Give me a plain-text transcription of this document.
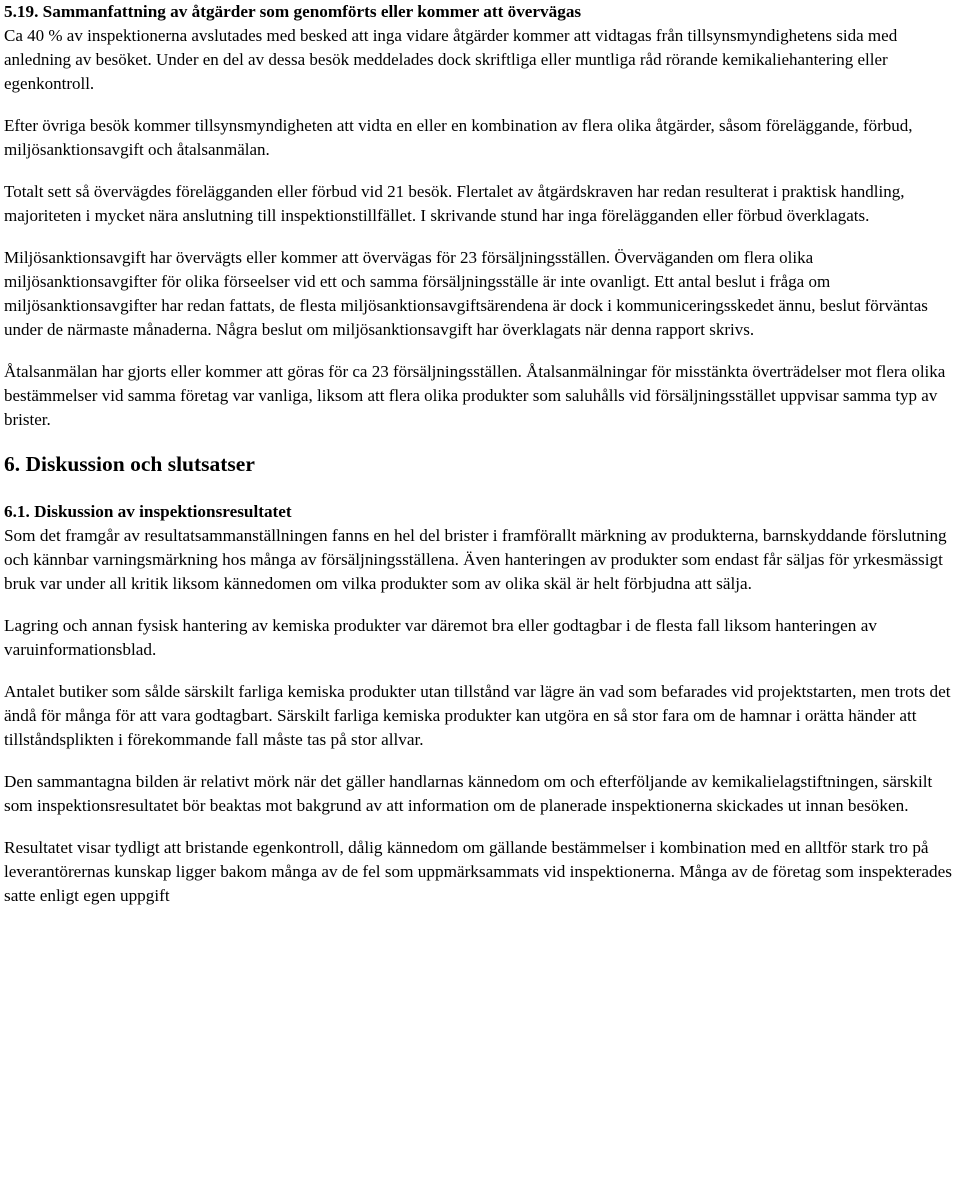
5.19. Sammanfattning av åtgärder som genomförts eller kommer att övervägas

Ca 40 % av inspektionerna avslutades med besked att inga vidare åtgärder kommer att vidtagas från tillsynsmyndighetens sida med anledning av besöket. Under en del av dessa besök meddelades dock skriftliga eller muntliga råd rörande kemikaliehantering eller egenkontroll.

Efter övriga besök kommer tillsynsmyndigheten att vidta en eller en kombination av flera olika åtgärder, såsom föreläggande, förbud, miljösanktionsavgift och åtalsanmälan.

Totalt sett så övervägdes förelägganden eller förbud vid 21 besök. Flertalet av åtgärdskraven har redan resulterat i praktisk handling, majoriteten i mycket nära anslutning till inspektionstillfället. I skrivande stund har inga förelägganden eller förbud överklagats.

Miljösanktionsavgift har övervägts eller kommer att övervägas för 23 försäljningsställen. Överväganden om flera olika miljösanktionsavgifter för olika förseelser vid ett och samma försäljningsställe är inte ovanligt. Ett antal beslut i fråga om miljösanktionsavgifter har redan fattats, de flesta miljösanktionsavgiftsärendena är dock i kommuniceringsskedet ännu, beslut förväntas under de närmaste månaderna. Några beslut om miljösanktionsavgift har överklagats när denna rapport skrivs.

Åtalsanmälan har gjorts eller kommer att göras för ca 23 försäljningsställen. Åtalsanmälningar för misstänkta överträdelser mot flera olika bestämmelser vid samma företag var vanliga, liksom att flera olika produkter som saluhålls vid försäljningsstället uppvisar samma typ av brister.

6. Diskussion och slutsatser
6.1. Diskussion av inspektionsresultatet

Som det framgår av resultatsammanställningen fanns en hel del brister i framförallt märkning av produkterna, barnskyddande förslutning och kännbar varningsmärkning hos många av försäljningsställena. Även hanteringen av produkter som endast får säljas för yrkesmässigt bruk var under all kritik liksom kännedomen om vilka produkter som av olika skäl är helt förbjudna att sälja.

Lagring och annan fysisk hantering av kemiska produkter var däremot bra eller godtagbar i de flesta fall liksom hanteringen av varuinformationsblad.

Antalet butiker som sålde särskilt farliga kemiska produkter utan tillstånd var lägre än vad som befarades vid projektstarten, men trots det ändå för många för att vara godtagbart. Särskilt farliga kemiska produkter kan utgöra en så stor fara om de hamnar i orätta händer att tillståndsplikten i förekommande fall måste tas på stor allvar.

Den sammantagna bilden är relativt mörk när det gäller handlarnas kännedom om och efterföljande av kemikalielagstiftningen, särskilt som inspektionsresultatet bör beaktas mot bakgrund av att information om de planerade inspektionerna skickades ut innan besöken.

Resultatet visar tydligt att bristande egenkontroll, dålig kännedom om gällande bestämmelser i kombination med en alltför stark tro på leverantörernas kunskap ligger bakom många av de fel som uppmärksammats vid inspektionerna. Många av de företag som inspekterades satte enligt egen uppgift
